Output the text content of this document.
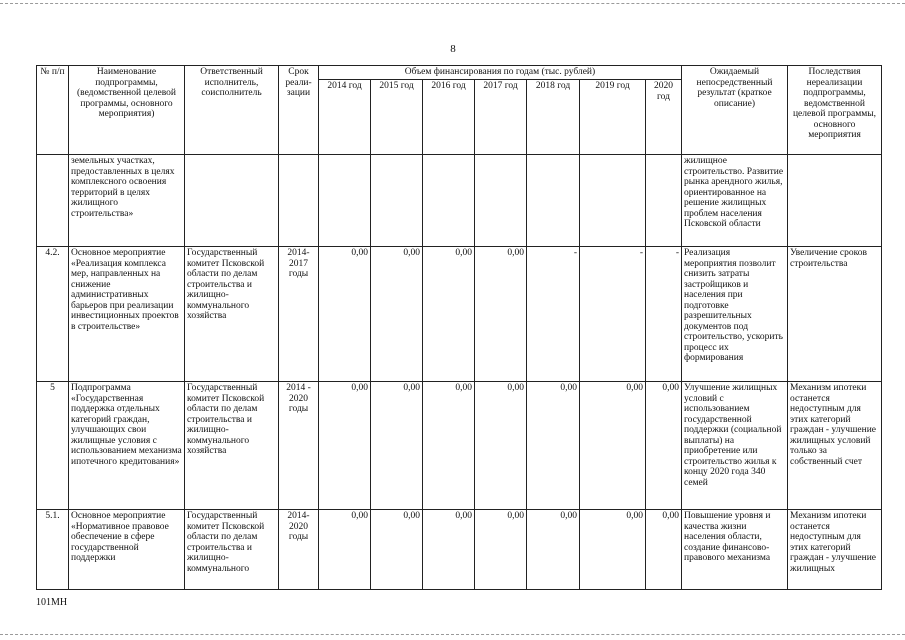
8
№ п/п	Наименование подпрограммы, (ведомственной целевой программы, основного мероприятия)	Ответственный исполнитель, соисполнитель	Срок реали-зации	Объем финансирования по годам (тыс. рублей)							Ожидаемый непосредственный результат (краткое описание)	Последствия нереализации подпрограммы, ведомственной целевой программы, основного мероприятия
				2014 год	2015 год	2016 год	2017 год	2018 год	2019 год	2020 год		
	земельных участках, предоставленных в целях комплексного освоения территорий в целях жилищного строительства»										жилищное строительство. Развитие рынка арендного жилья, ориентированное на решение жилищных проблем населения Псковской области	
4.2.	Основное мероприятие «Реализация комплекса мер, направленных на снижение административных барьеров при реализации инвестиционных проектов в строительстве»	Государственный комитет Псковской области по делам строительства и жилищно-коммунального хозяйства	2014-2017 годы	0,00	0,00	0,00	0,00	-	-	-	Реализация мероприятия позволит снизить затраты застройщиков и населения при подготовке разрешительных документов под строительство, ускорить процесс их формирования	Увеличение сроков строительства
5	Подпрограмма «Государственная поддержка отдельных категорий граждан, улучшающих свои жилищные условия с использованием механизма ипотечного кредитования»	Государственный комитет Псковской области по делам строительства и жилищно-коммунального хозяйства	2014 - 2020 годы	0,00	0,00	0,00	0,00	0,00	0,00	0,00	Улучшение жилищных условий с использованием государственной поддержки (социальной выплаты) на приобретение или строительство жилья к концу 2020 года 340 семей	Механизм ипотеки останется недоступным для этих категорий граждан - улучшение жилищных условий только за собственный счет
5.1.	Основное мероприятие «Нормативное правовое обеспечение в сфере государственной поддержки	Государственный комитет Псковской области по делам строительства и жилищно-коммунального	2014-2020 годы	0,00	0,00	0,00	0,00	0,00	0,00	0,00	Повышение уровня и качества жизни населения области, создание финансово-правового механизма	Механизм ипотеки останется недоступным для этих категорий граждан - улучшение жилищных
101МН
